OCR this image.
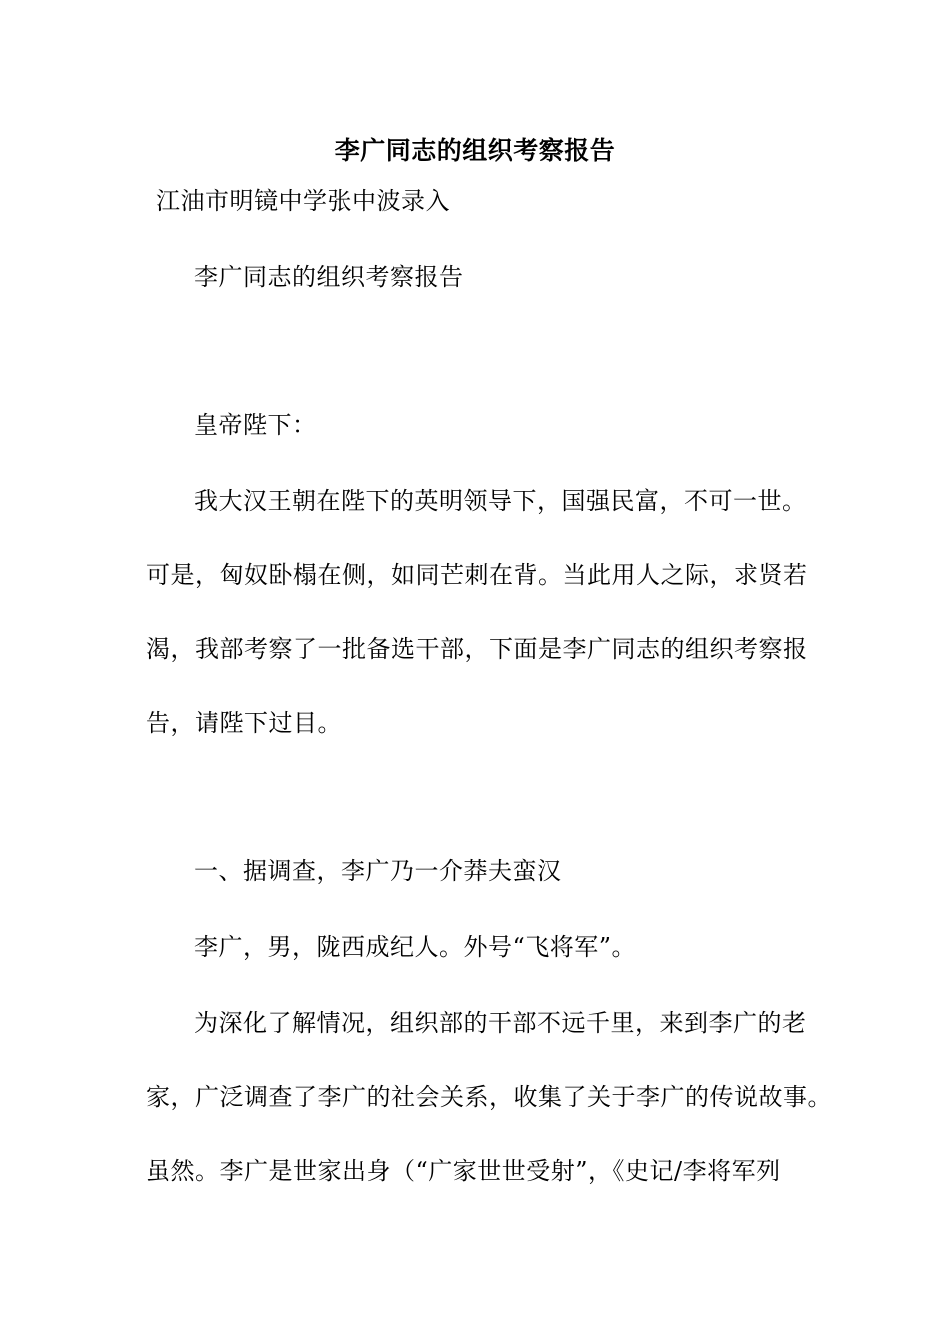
李广同志的组织考察报告
江油市明镜中学张中波录入
李广同志的组织考察报告
皇帝陛下：
我大汉王朝在陛下的英明领导下，国强民富，不可一世。
可是，匈奴卧榻在侧，如同芒刺在背。当此用人之际，求贤若
渴，我部考察了一批备选干部，下面是李广同志的组织考察报
告，请陛下过目。
一、据调查，李广乃一介莽夫蛮汉
李广，男，陇西成纪人。外号“飞将军”。
为深化了解情况，组织部的干部不远千里，来到李广的老
家，广泛调查了李广的社会关系，收集了关于李广的传说故事。
虽然。李广是世家出身（“广家世世受射”，《史记/李将军列
